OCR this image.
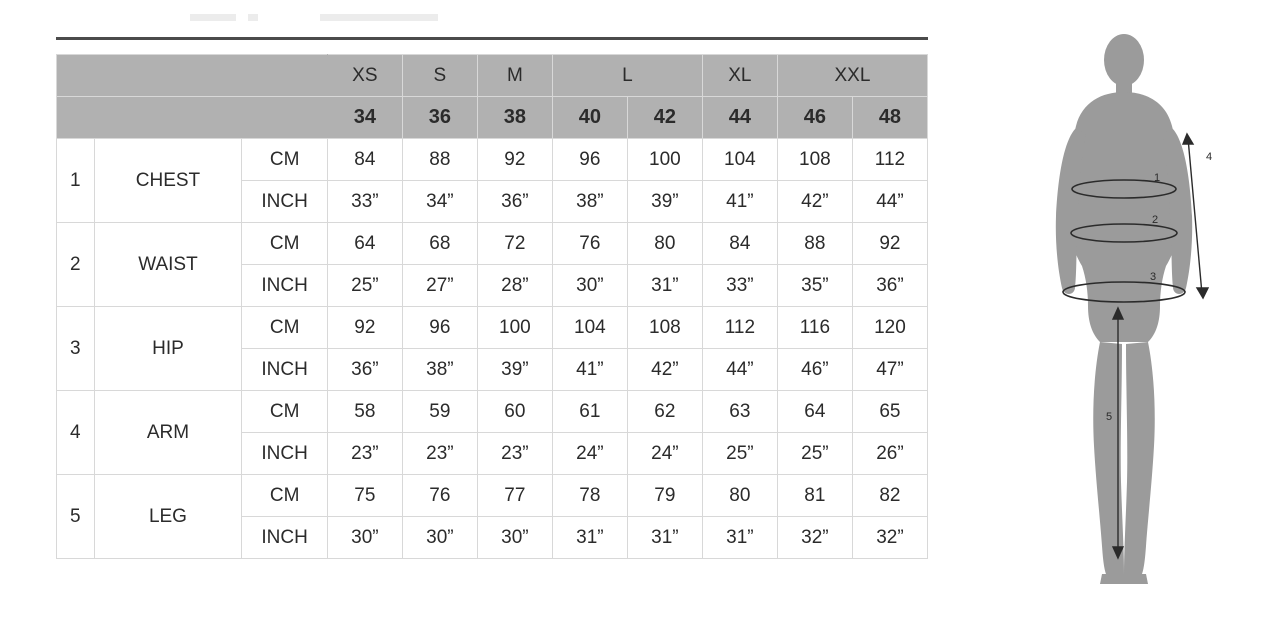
			XS	S	M	L		XL	XXL	
			34	36	38	40	42	44	46	48
1	CHEST	CM	84	88	92	96	100	104	108	112
		INCH	33”	34”	36”	38”	39”	41”	42”	44”
2	WAIST	CM	64	68	72	76	80	84	88	92
		INCH	25”	27”	28”	30”	31”	33”	35”	36”
3	HIP	CM	92	96	100	104	108	112	116	120
		INCH	36”	38”	39”	41”	42”	44”	46”	47”
4	ARM	CM	58	59	60	61	62	63	64	65
		INCH	23”	23”	23”	24”	24”	25”	25”	26”
5	LEG	CM	75	76	77	78	79	80	81	82
		INCH	30”	30”	30”	31”	31”	31”	32”	32”
1
2
3
4
5
